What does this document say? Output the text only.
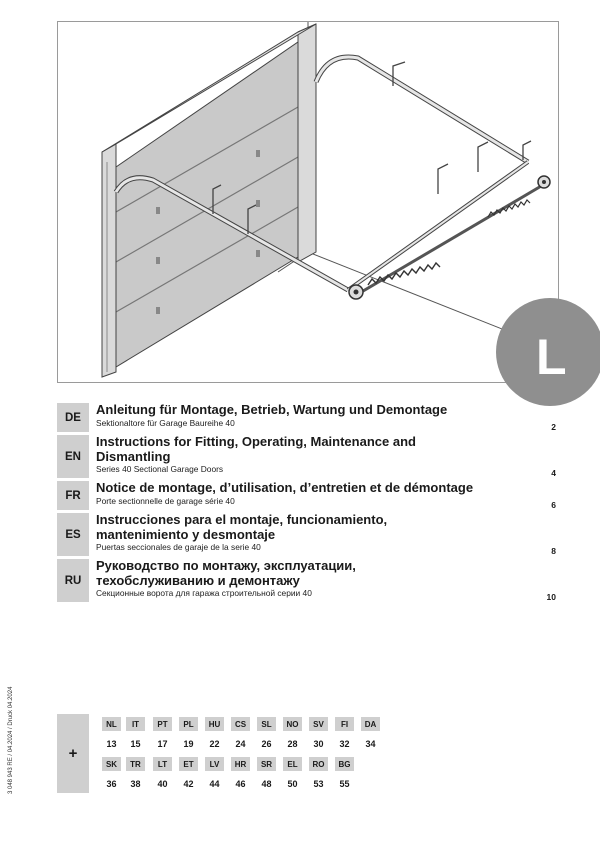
L
DE
Anleitung für Montage, Betrieb, Wartung und Demontage
Sektionaltore für Garage Baureihe 40	2
EN
Instructions for Fitting, Operating, Maintenance and Dismantling
Series 40 Sectional Garage Doors	4
FR
Notice de montage, d’utilisation, d’entretien et de démontage
Porte sectionnelle de garage série 40	6
ES
Instrucciones para el montaje, funcionamiento, mantenimiento y desmontaje
Puertas seccionales de garaje de la serie 40	8
RU
Руководство по монтажу, эксплуатации, техобслуживанию и демонтажу
Секционные ворота для гаража строительной серии 40	10
+
NL	IT	PT	PL	HU	CS	SL	NO	SV	FI	DA
13	15	17	19	22	24	26	28	30	32	34
SK	TR	LT	ET	LV	HR	SR	EL	RO	BG
36	38	40	42	44	46	48	50	53	55
3 048 943 RE / 04.2024 / Druck 04.2024
